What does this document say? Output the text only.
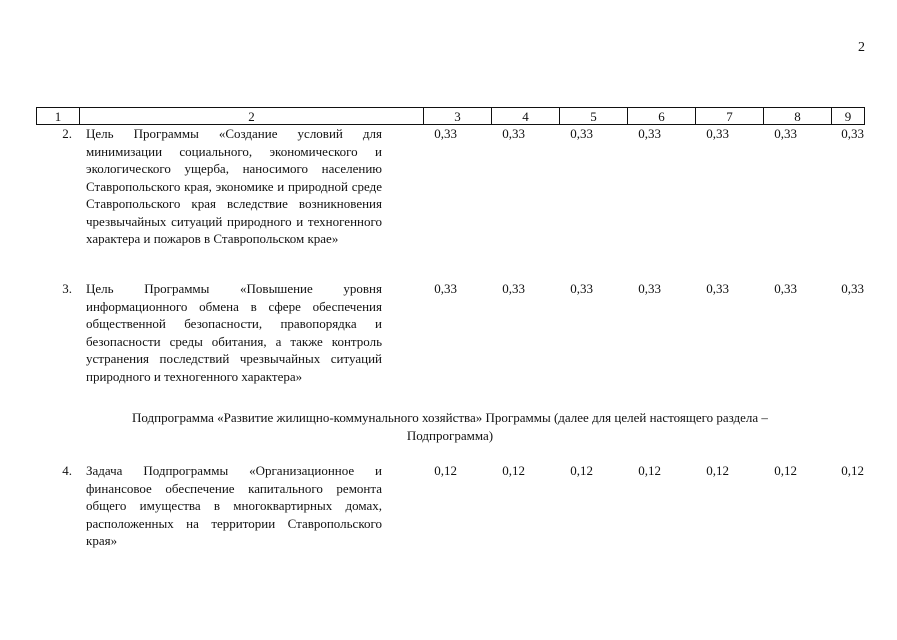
2
1	2	3	4	5	6	7	8	9
2. Цель Программы «Создание условий для минимизации социального, экономического и экологического ущерба, наносимого населению Ставропольского края, экономике и природной среде Ставропольского края вследствие возникновения чрезвычайных ситуаций природного и техногенного характера и пожаров в Ставропольском крае»
0,33	0,33	0,33	0,33	0,33	0,33	0,33
3. Цель Программы «Повышение уровня информационного обмена в сфере обеспечения общественной безопасности, правопорядка и безопасности среды обитания, а также контроль устранения последствий чрезвычайных ситуаций природного и техногенного характера»
0,33	0,33	0,33	0,33	0,33	0,33	0,33
Подпрограмма «Развитие жилищно-коммунального хозяйства» Программы (далее для целей настоящего раздела – Подпрограмма)
4. Задача Подпрограммы «Организационное и финансовое обеспечение капитального ремонта общего имущества в многоквартирных домах, расположенных на территории Ставропольского края»
0,12	0,12	0,12	0,12	0,12	0,12	0,12
